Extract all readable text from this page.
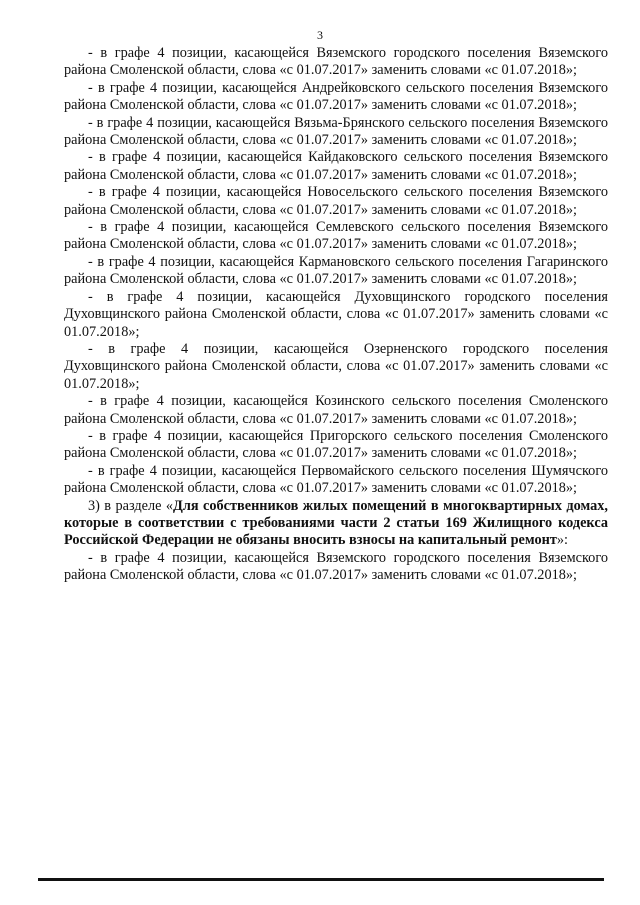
3

- в графе 4 позиции, касающейся Вяземского городского поселения Вяземского района Смоленской области, слова «с 01.07.2017» заменить словами «с 01.07.2018»;

- в графе 4 позиции, касающейся Андрейковского сельского поселения Вяземского района Смоленской области, слова «с 01.07.2017» заменить словами «с 01.07.2018»;

- в графе 4 позиции, касающейся Вязьма-Брянского сельского поселения Вяземского района Смоленской области, слова «с 01.07.2017» заменить словами «с 01.07.2018»;

- в графе 4 позиции, касающейся Кайдаковского сельского поселения Вяземского района Смоленской области, слова «с 01.07.2017» заменить словами «с 01.07.2018»;

- в графе 4 позиции, касающейся Новосельского сельского поселения Вяземского района Смоленской области, слова «с 01.07.2017» заменить словами «с 01.07.2018»;

- в графе 4 позиции, касающейся Семлевского сельского поселения Вяземского района Смоленской области, слова «с 01.07.2017» заменить словами «с 01.07.2018»;

- в графе 4 позиции, касающейся Кармановского сельского поселения Гагаринского района Смоленской области, слова «с 01.07.2017» заменить словами «с 01.07.2018»;

- в графе 4 позиции, касающейся Духовщинского городского поселения Духовщинского района Смоленской области, слова «с 01.07.2017» заменить словами «с 01.07.2018»;

- в графе 4 позиции, касающейся Озерненского городского поселения Духовщинского района Смоленской области, слова «с 01.07.2017» заменить словами «с 01.07.2018»;

- в графе 4 позиции, касающейся Козинского сельского поселения Смоленского района Смоленской области, слова «с 01.07.2017» заменить словами «с 01.07.2018»;

- в графе 4 позиции, касающейся Пригорского сельского поселения Смоленского района Смоленской области, слова «с 01.07.2017» заменить словами «с 01.07.2018»;

- в графе 4 позиции, касающейся Первомайского сельского поселения Шумячского района Смоленской области, слова «с 01.07.2017» заменить словами «с 01.07.2018»;

3) в разделе «Для собственников жилых помещений в многоквартирных домах, которые в соответствии с требованиями части 2 статьи 169 Жилищного кодекса Российской Федерации не обязаны вносить взносы на капитальный ремонт»:

- в графе 4 позиции, касающейся Вяземского городского поселения Вяземского района Смоленской области, слова «с 01.07.2017» заменить словами «с 01.07.2018»;
